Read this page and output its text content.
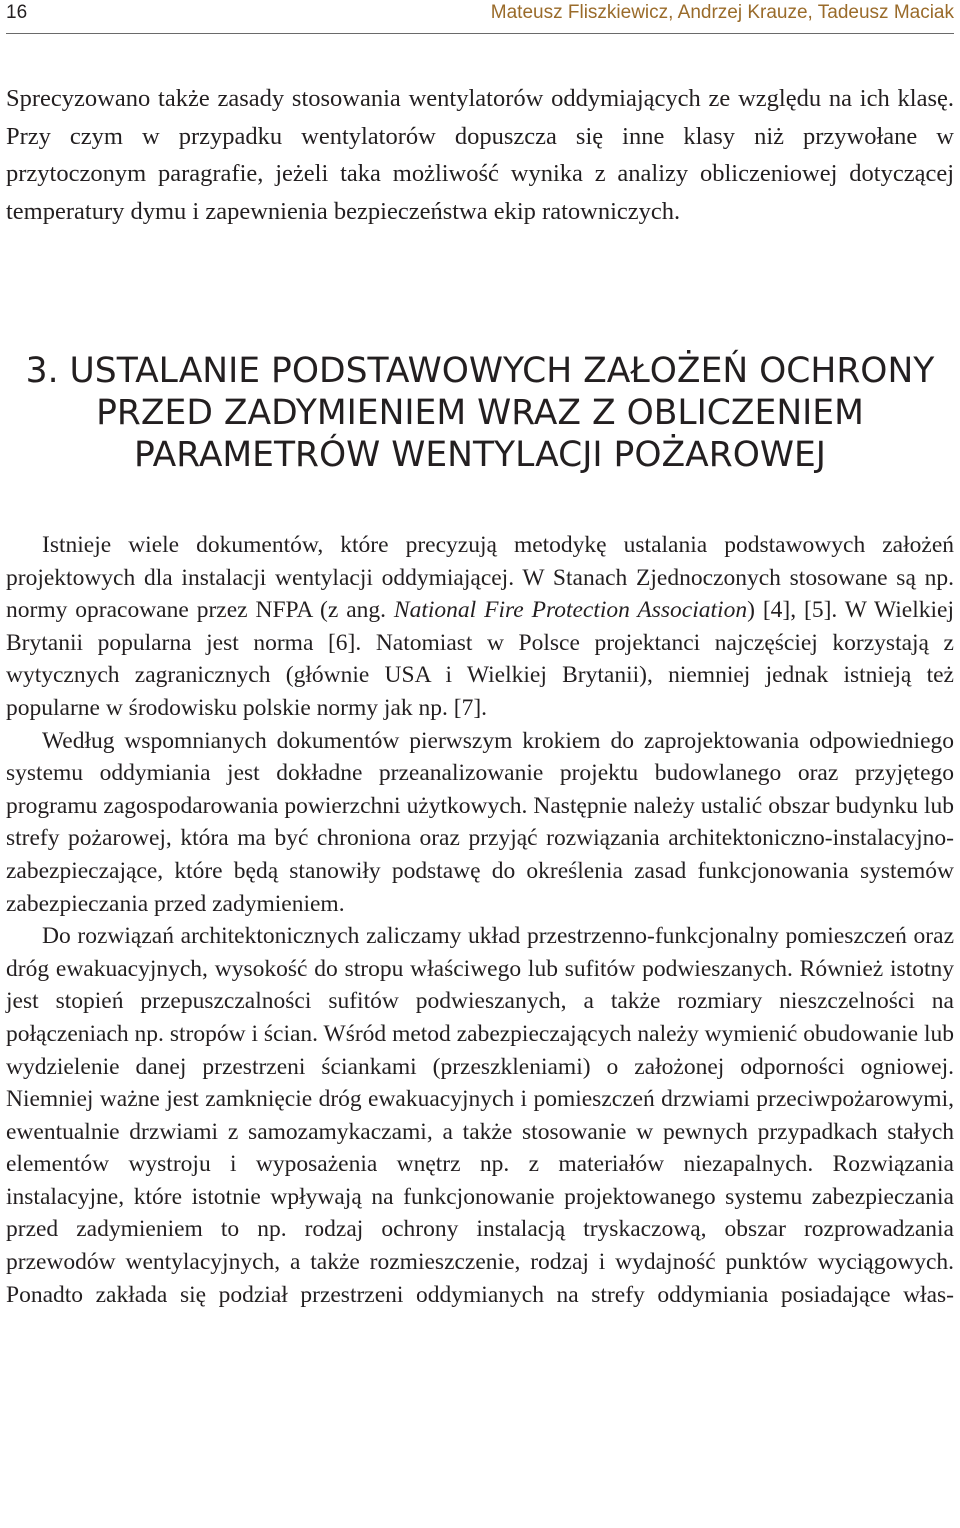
16	Mateusz Fliszkiewicz, Andrzej Krauze, Tadeusz Maciak

Sprecyzowano także zasady stosowania wentylatorów oddymiających ze względu na ich klasę. Przy czym w przypadku wentylatorów dopuszcza się inne klasy niż przywołane w przytoczonym paragrafie, jeżeli taka możliwość wynika z analizy obliczeniowej dotyczącej temperatury dymu i zapewnienia bezpieczeństwa ekip ratowniczych.

3. USTALANIE PODSTAWOWYCH ZAŁOŻEŃ OCHRONY
PRZED ZADYMIENIEM WRAZ Z OBLICZENIEM
PARAMETRÓW WENTYLACJI POŻAROWEJ

Istnieje wiele dokumentów, które precyzują metodykę ustalania podstawowych założeń projektowych dla instalacji wentylacji oddymiającej. W Stanach Zjednoczonych stosowane są np. normy opracowane przez NFPA (z ang. National Fire Protection Association) [4], [5]. W Wielkiej Brytanii popularna jest norma [6]. Natomiast w Polsce projektanci najczęściej korzystają z wytycznych zagranicznych (głównie USA i Wielkiej Brytanii), niemniej jednak istnieją też popularne w środowisku polskie normy jak np. [7].

Według wspomnianych dokumentów pierwszym krokiem do zaprojektowania odpowiedniego systemu oddymiania jest dokładne przeanalizowanie projektu budowlanego oraz przyjętego programu zagospodarowania powierzchni użytkowych. Następnie należy ustalić obszar budynku lub strefy pożarowej, która ma być chroniona oraz przyjąć rozwiązania architektoniczno-instalacyjno-zabezpieczające, które będą stanowiły podstawę do określenia zasad funkcjonowania systemów zabezpieczania przed zadymieniem.

Do rozwiązań architektonicznych zaliczamy układ przestrzenno-funkcjonalny pomieszczeń oraz dróg ewakuacyjnych, wysokość do stropu właściwego lub sufitów podwieszanych. Również istotny jest stopień przepuszczalności sufitów podwieszanych, a także rozmiary nieszczelności na połączeniach np. stropów i ścian. Wśród metod zabezpieczających należy wymienić obudowanie lub wydzielenie danej przestrzeni ściankami (przeszkleniami) o założonej odporności ogniowej. Niemniej ważne jest zamknięcie dróg ewakuacyjnych i pomieszczeń drzwiami przeciwpożarowymi, ewentualnie drzwiami z samozamykaczami, a także stosowanie w pewnych przypadkach stałych elementów wystroju i wyposażenia wnętrz np. z materiałów niezapalnych. Rozwiązania instalacyjne, które istotnie wpływają na funkcjonowanie projektowanego systemu zabezpieczania przed zadymieniem to np. rodzaj ochrony instalacją tryskaczową, obszar rozprowadzania przewodów wentylacyjnych, a także rozmieszczenie, rodzaj i wydajność punktów wyciągowych. Ponadto zakłada się podział przestrzeni oddymianych na strefy oddymiania posiadające włas-
